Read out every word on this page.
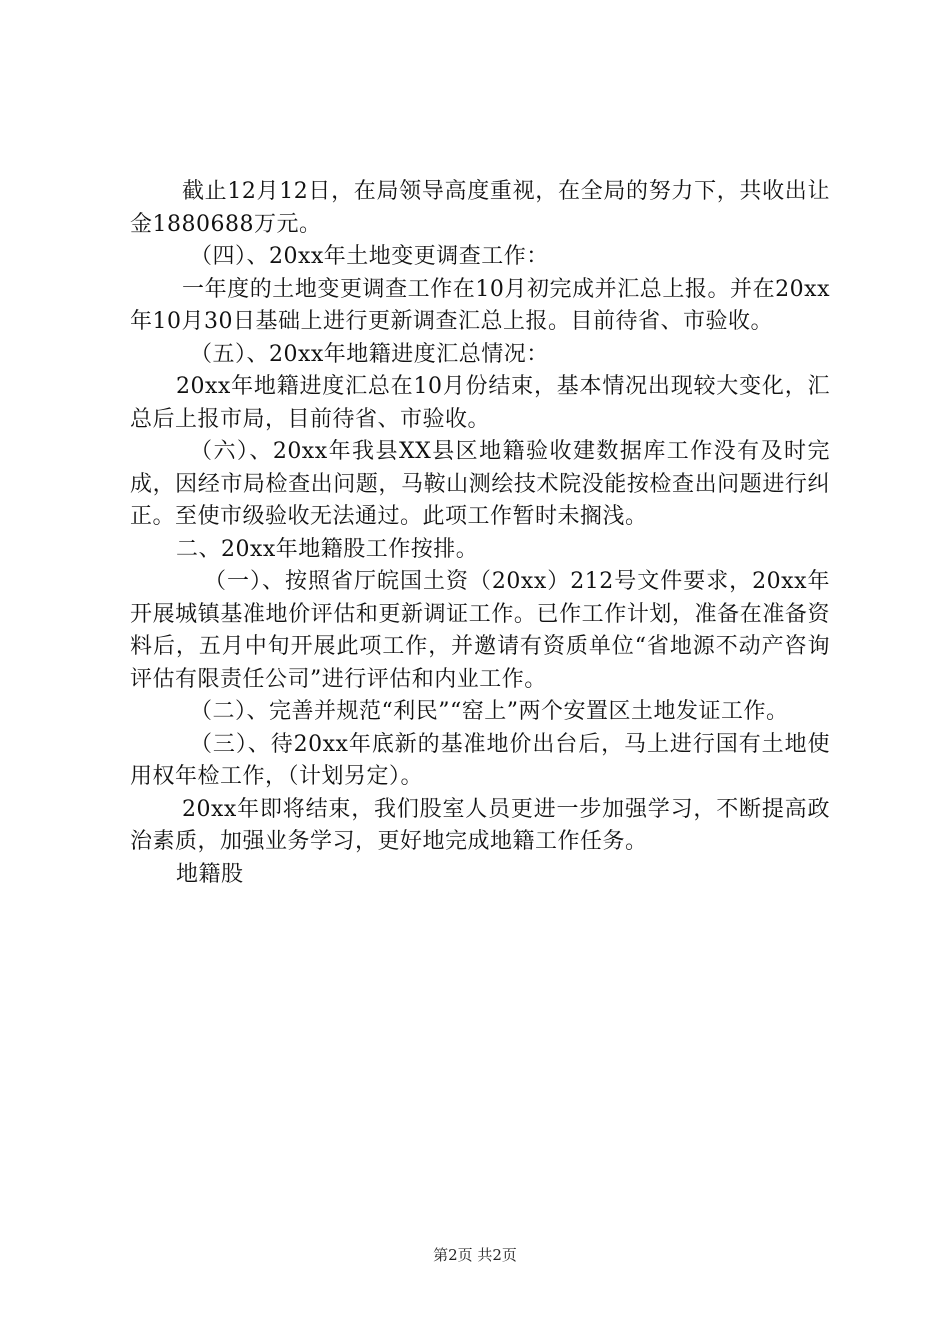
截止12月12日，在局领导高度重视，在全局的努力下，共收出让金1880688万元。

（四）、20xx年土地变更调查工作：

一年度的土地变更调查工作在10月初完成并汇总上报。并在20xx年10月30日基础上进行更新调查汇总上报。目前待省、市验收。

（五）、20xx年地籍进度汇总情况：

20xx年地籍进度汇总在10月份结束，基本情况出现较大变化，汇总后上报市局，目前待省、市验收。

（六）、20xx年我县XX县区地籍验收建数据库工作没有及时完成，因经市局检查出问题，马鞍山测绘技术院没能按检查出问题进行纠正。至使市级验收无法通过。此项工作暂时未搁浅。

二、20xx年地籍股工作按排。

（一）、按照省厅皖国土资（20xx）212号文件要求，20xx年开展城镇基准地价评估和更新调证工作。已作工作计划，准备在准备资料后，五月中旬开展此项工作，并邀请有资质单位“省地源不动产咨询评估有限责任公司”进行评估和内业工作。

（二）、完善并规范“利民”“窑上”两个安置区土地发证工作。

（三）、待20xx年底新的基准地价出台后，马上进行国有土地使用权年检工作，（计划另定）。

20xx年即将结束，我们股室人员更进一步加强学习，不断提高政治素质，加强业务学习，更好地完成地籍工作任务。

地籍股

第2页 共2页
